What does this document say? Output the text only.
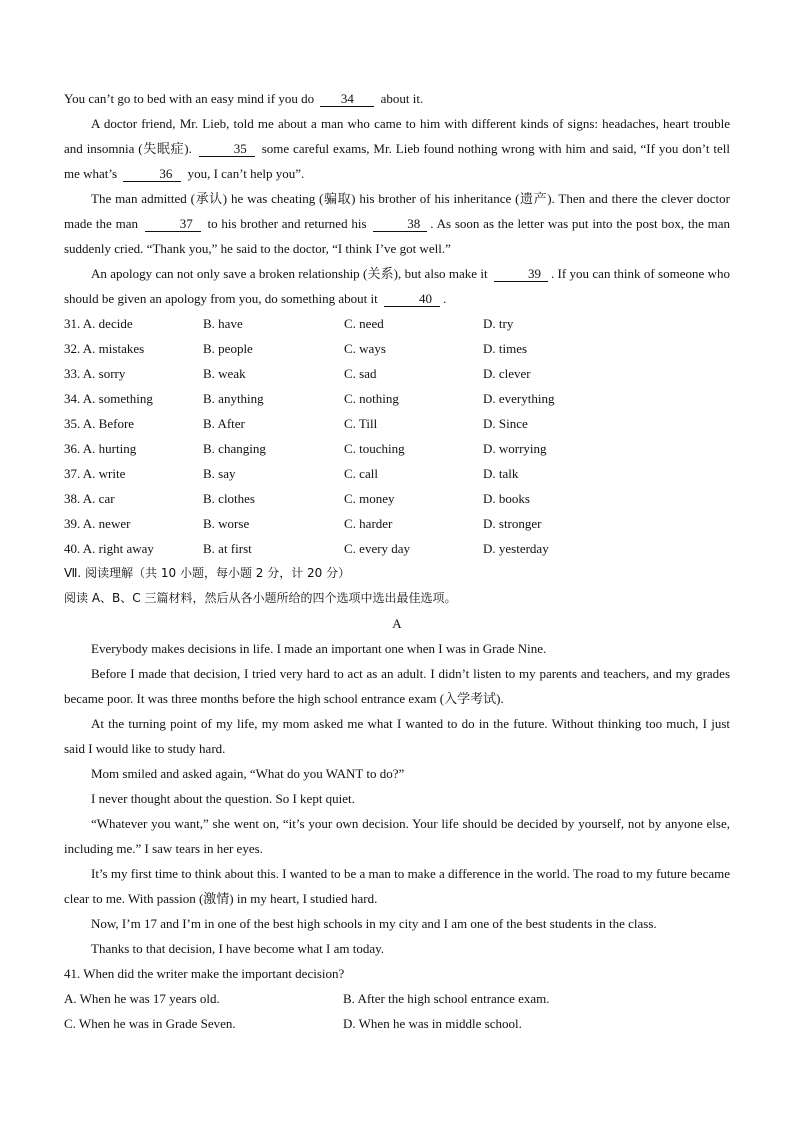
You can’t go to bed with an easy mind if you do 34 about it.

A doctor friend, Mr. Lieb, told me about a man who came to him with different kinds of signs: headaches, heart trouble and insomnia (失眠症).	35 some careful exams, Mr. Lieb found nothing wrong with him and said, “If you don’t tell me what’s	36 you, I can’t help you”.

The man admitted (承认) he was cheating (骗取) his brother of his inheritance (遗产). Then and there the clever doctor made the man	37 to his brother and returned his	38 . As soon as the letter was put into the post box, the man suddenly cried. “Thank you,” he said to the doctor, “I think I’ve got well.”

An apology can not only save a broken relationship (关系), but also make it	39 . If you can think of someone who should be given an apology from you, do something about it	40 .

31. A. decide	B. have	C. need	D. try
32. A. mistakes	B. people	C. ways	D. times
33. A. sorry	B. weak	C. sad	D. clever
34. A. something	B. anything	C. nothing	D. everything
35. A. Before	B. After	C. Till	D. Since
36. A. hurting	B. changing	C. touching	D. worrying
37. A. write	B. say	C. call	D. talk
38. A. car	B. clothes	C. money	D. books
39. A. newer	B. worse	C. harder	D. stronger
40. A. right away	B. at first	C. every day	D. yesterday

Ⅶ. 阅读理解（共 10 小题，每小题 2 分，计 20 分）

阅读 A、B、C 三篇材料，然后从各小题所给的四个选项中选出最佳选项。

A

Everybody makes decisions in life. I made an important one when I was in Grade Nine.

Before I made that decision, I tried very hard to act as an adult. I didn’t listen to my parents and teachers, and my grades became poor. It was three months before the high school entrance exam (入学考试).

At the turning point of my life, my mom asked me what I wanted to do in the future. Without thinking too much, I just said I would like to study hard.

Mom smiled and asked again, “What do you WANT to do?”

I never thought about the question. So I kept quiet.

“Whatever you want,” she went on, “it’s your own decision. Your life should be decided by yourself, not by anyone else, including me.” I saw tears in her eyes.

It’s my first time to think about this. I wanted to be a man to make a difference in the world. The road to my future became clear to me. With passion (激情) in my heart, I studied hard.

Now, I’m 17 and I’m in one of the best high schools in my city and I am one of the best students in the class.

Thanks to that decision, I have become what I am today.

41. When did the writer make the important decision?

A. When he was 17 years old.	B. After the high school entrance exam.
C. When he was in Grade Seven.	D. When he was in middle school.
